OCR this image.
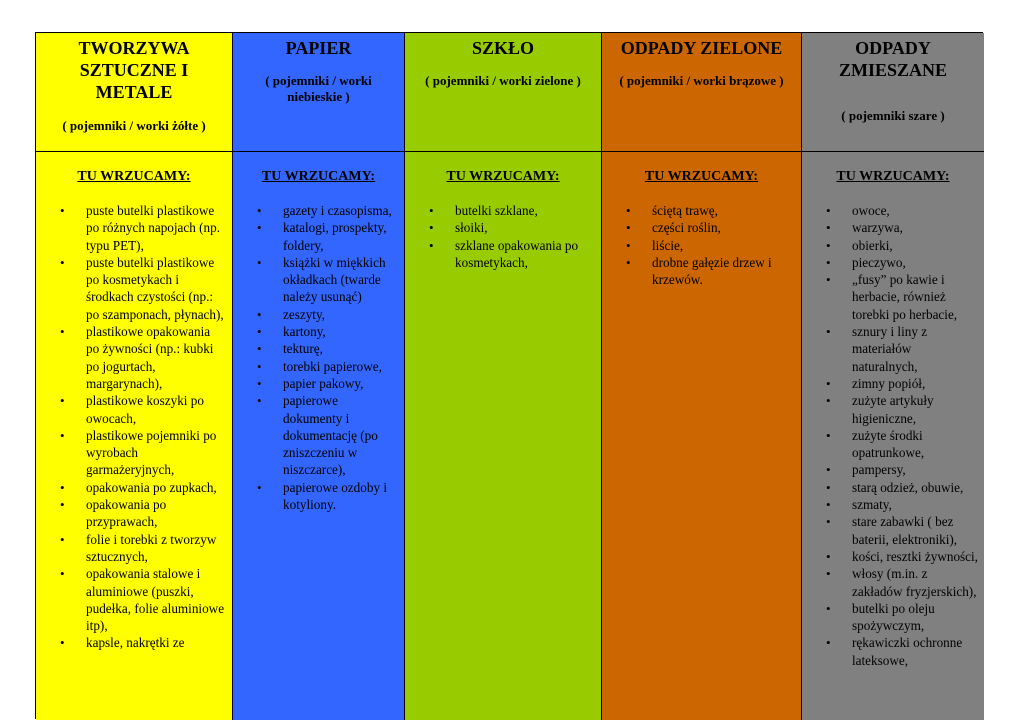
TWORZYWA SZTUCZNE I METALE
( pojemniki / worki żółte )
PAPIER
( pojemniki / worki niebieskie )
SZKŁO
( pojemniki / worki zielone )
ODPADY ZIELONE
( pojemniki / worki brązowe )
ODPADY ZMIESZANE
( pojemniki szare )
TU WRZUCAMY:
• puste butelki plastikowe po różnych napojach (np. typu PET),
• puste butelki plastikowe po kosmetykach i środkach czystości (np.: po szamponach, płynach),
• plastikowe opakowania po żywności (np.: kubki po jogurtach, margarynach),
• plastikowe koszyki po owocach,
• plastikowe pojemniki po wyrobach garmażeryjnych,
• opakowania po zupkach,
• opakowania po przyprawach,
• folie i torebki z tworzyw sztucznych,
• opakowania stalowe i aluminiowe (puszki, pudełka, folie aluminiowe itp),
• kapsle, nakrętki ze
TU WRZUCAMY:
• gazety i czasopisma,
• katalogi, prospekty, foldery,
• książki w miękkich okładkach (twarde należy usunąć)
• zeszyty,
• kartony,
• tekturę,
• torebki papierowe,
• papier pakowy,
• papierowe dokumenty i dokumentację (po zniszczeniu w niszczarce),
• papierowe ozdoby i kotyliony.
TU WRZUCAMY:
• butelki szklane,
• słoiki,
• szklane opakowania po kosmetykach,
TU WRZUCAMY:
• ściętą trawę,
• części roślin,
• liście,
• drobne gałęzie drzew i krzewów.
TU WRZUCAMY:
• owoce,
• warzywa,
• obierki,
• pieczywo,
• „fusy” po kawie i herbacie, również torebki po herbacie,
• sznury i liny z materiałów naturalnych,
• zimny popiół,
• zużyte artykuły higieniczne,
• zużyte środki opatrunkowe,
• pampersy,
• starą odzież, obuwie,
• szmaty,
• stare zabawki ( bez baterii, elektroniki),
• kości, resztki żywności,
• włosy (m.in. z zakładów fryzjerskich),
• butelki po oleju spożywczym,
• rękawiczki ochronne lateksowe,
